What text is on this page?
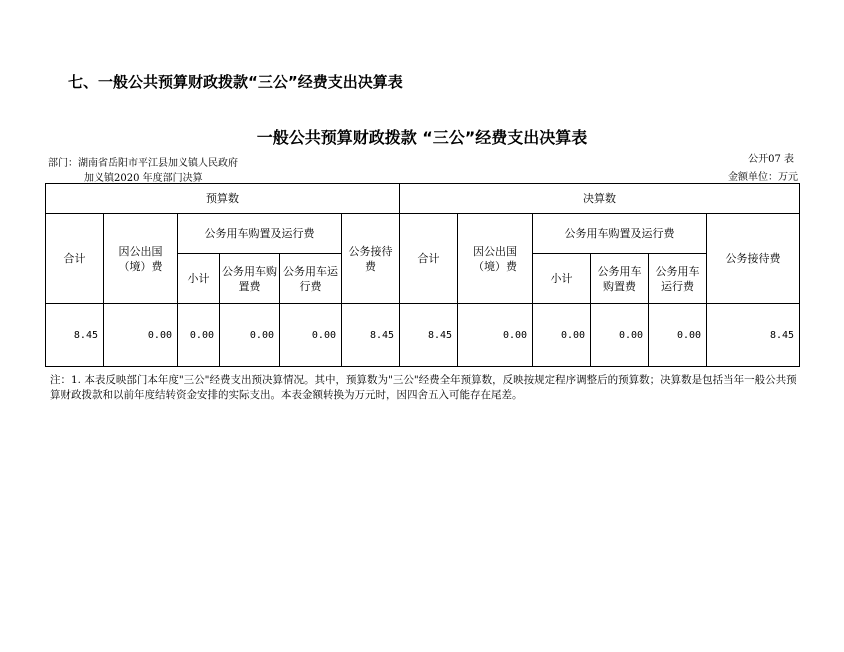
七、一般公共预算财政拨款“三公”经费支出决算表
一般公共预算财政拨款 “三公”经费支出决算表
部门：湖南省岳阳市平江县加义镇人民政府
加义镇2020 年度部门决算
公开07 表
金额单位：万元
预算数						决算数					
合计	因公出国（境）费	公务用车购置及运行费			公务接待费	合计	因公出国（境）费	公务用车购置及运行费			公务接待费
		小计	公务用车购置费	公务用车运行费				小计	公务用车购置费	公务用车运行费	
8.45	0.00	0.00	0.00	0.00	8.45	8.45	0.00	0.00	0.00	0.00	8.45
注：1. 本表反映部门本年度"三公"经费支出预决算情况。其中，预算数为"三公"经费全年预算数，反映按规定程序调整后的预算数；决算数是包括当年一般公共预算财政拨款和以前年度结转资金安排的实际支出。本表金额转换为万元时，因四舍五入可能存在尾差。
